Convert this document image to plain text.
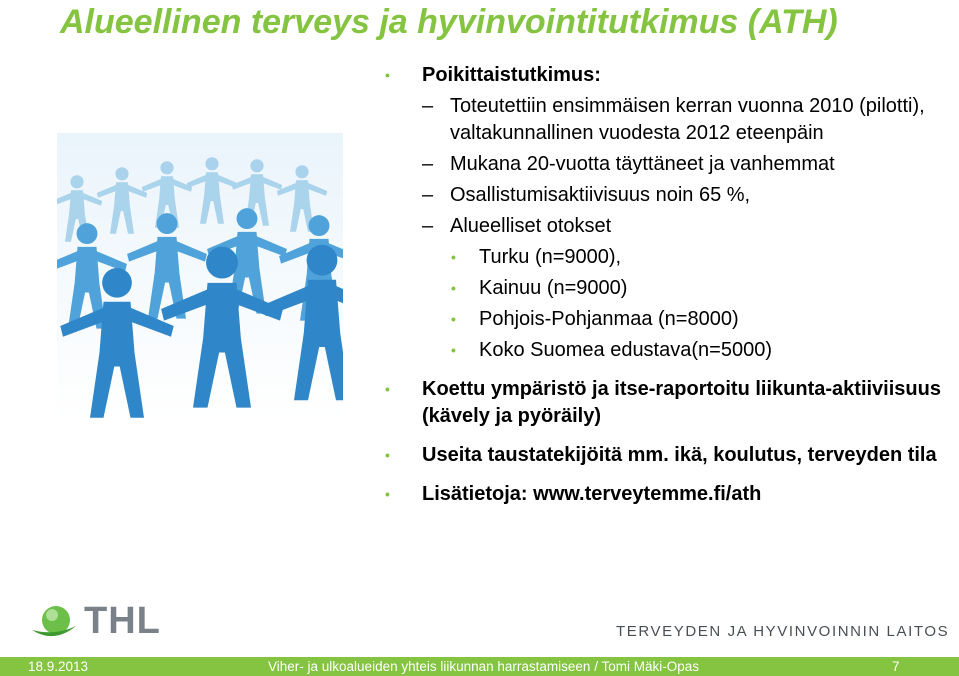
Alueellinen terveys ja hyvinvointitutkimus (ATH)
• Poikittaistutkimus:
– Toteutettiin ensimmäisen kerran vuonna 2010 (pilotti), valtakunnallinen vuodesta 2012 eteenpäin
– Mukana 20-vuotta täyttäneet ja vanhemmat
– Osallistumisaktiivisuus noin 65 %,
– Alueelliset otokset
• Turku (n=9000),
• Kainuu (n=9000)
• Pohjois-Pohjanmaa (n=8000)
• Koko Suomea edustava(n=5000)
• Koettu ympäristö ja itse-raportoitu liikunta-aktiiviisuus (kävely ja pyöräily)
• Useita taustatekijöitä mm. ikä, koulutus, terveyden tila
• Lisätietoja: www.terveytemme.fi/ath
THL	TERVEYDEN JA HYVINVOINNIN LAITOS
18.9.2013	Viher- ja ulkoalueiden yhteis liikunnan harrastamiseen / Tomi Mäki-Opas	7
